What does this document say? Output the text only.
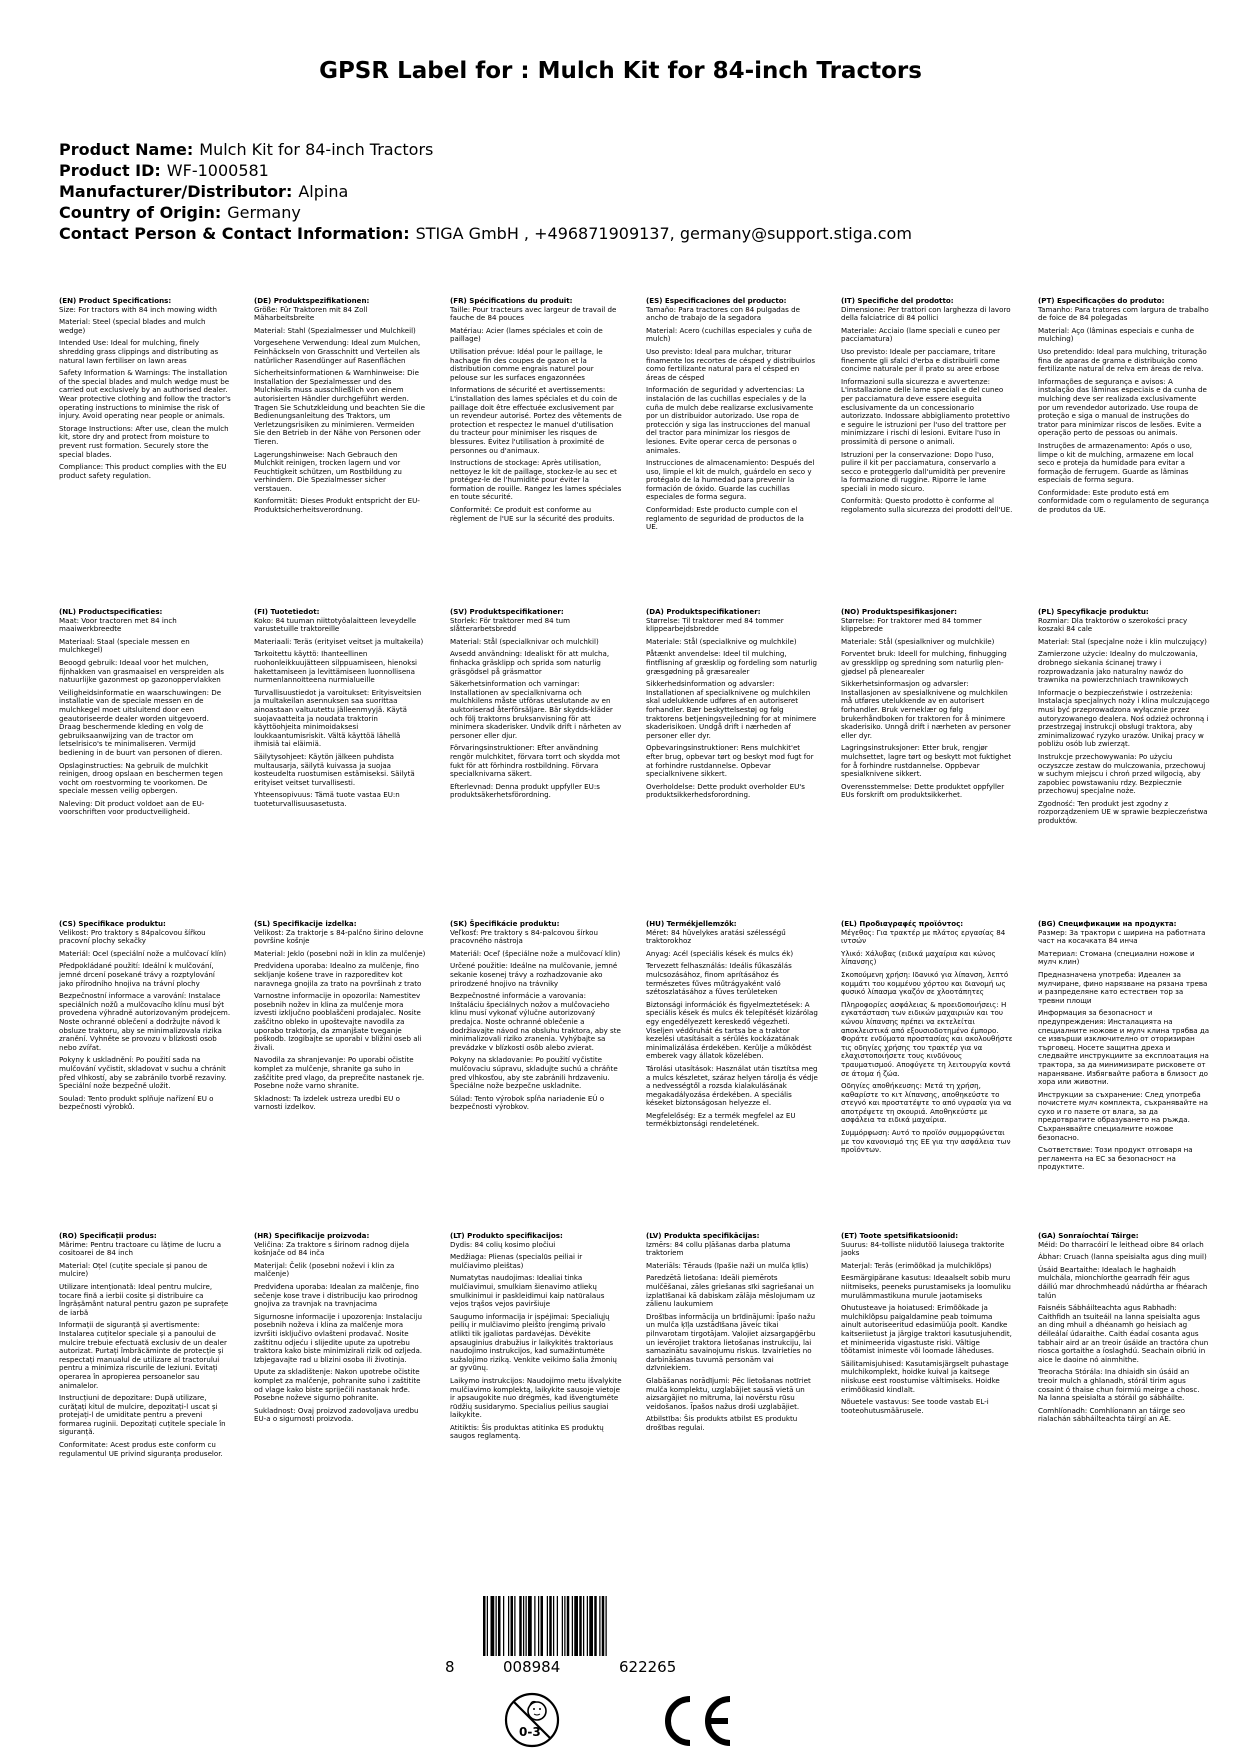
GPSR Label for : Mulch Kit for 84-inch Tractors
Product Name: Mulch Kit for 84-inch Tractors
Product ID: WF-1000581
Manufacturer/Distributor: Alpina
Country of Origin: Germany
Contact Person & Contact Information: STIGA GmbH , +496871909137, germany@support.stiga.com
(EN) Product Specifications:

Size: For tractors with 84 inch mowing width

Material: Steel (special blades and mulch wedge)

Intended Use: Ideal for mulching, finely shredding grass clippings and distributing as natural lawn fertiliser on lawn areas

Safety Information & Warnings: The installation of the special blades and mulch wedge must be carried out exclusively by an authorised dealer. Wear protective clothing and follow the tractor's operating instructions to minimise the risk of injury. Avoid operating near people or animals.

Storage Instructions: After use, clean the mulch kit, store dry and protect from moisture to prevent rust formation. Securely store the special blades.

Compliance: This product complies with the EU product safety regulation.

(DE) Produktspezifikationen:

Größe: Für Traktoren mit 84 Zoll Mäharbeitsbreite

Material: Stahl (Spezialmesser und Mulchkeil)

Vorgesehene Verwendung: Ideal zum Mulchen, Feinhäckseln von Grasschnitt und Verteilen als natürlicher Rasendünger auf Rasenflächen

Sicherheitsinformationen & Warnhinweise: Die Installation der Spezialmesser und des Mulchkeils muss ausschließlich von einem autorisierten Händler durchgeführt werden. Tragen Sie Schutzkleidung und beachten Sie die Bedienungsanleitung des Traktors, um Verletzungsrisiken zu minimieren. Vermeiden Sie den Betrieb in der Nähe von Personen oder Tieren.

Lagerungshinweise: Nach Gebrauch den Mulchkit reinigen, trocken lagern und vor Feuchtigkeit schützen, um Rostbildung zu verhindern. Die Spezialmesser sicher verstauen.

Konformität: Dieses Produkt entspricht der EU-Produktsicherheitsverordnung.

(FR) Spécifications du produit:

Taille: Pour tracteurs avec largeur de travail de fauche de 84 pouces

Matériau: Acier (lames spéciales et coin de paillage)

Utilisation prévue: Idéal pour le paillage, le hachage fin des coupes de gazon et la distribution comme engrais naturel pour pelouse sur les surfaces engazonnées

Informations de sécurité et avertissements: L'installation des lames spéciales et du coin de paillage doit être effectuée exclusivement par un revendeur autorisé. Portez des vêtements de protection et respectez le manuel d'utilisation du tracteur pour minimiser les risques de blessures. Évitez l'utilisation à proximité de personnes ou d'animaux.

Instructions de stockage: Après utilisation, nettoyez le kit de paillage, stockez-le au sec et protégez-le de l'humidité pour éviter la formation de rouille. Rangez les lames spéciales en toute sécurité.

Conformité: Ce produit est conforme au règlement de l'UE sur la sécurité des produits.

(ES) Especificaciones del producto:

Tamaño: Para tractores con 84 pulgadas de ancho de trabajo de la segadora

Material: Acero (cuchillas especiales y cuña de mulch)

Uso previsto: Ideal para mulchar, triturar finamente los recortes de césped y distribuirlos como fertilizante natural para el césped en áreas de césped

Información de seguridad y advertencias: La instalación de las cuchillas especiales y de la cuña de mulch debe realizarse exclusivamente por un distribuidor autorizado. Use ropa de protección y siga las instrucciones del manual del tractor para minimizar los riesgos de lesiones. Evite operar cerca de personas o animales.

Instrucciones de almacenamiento: Después del uso, limpie el kit de mulch, guárdelo en seco y protégalo de la humedad para prevenir la formación de óxido. Guarde las cuchillas especiales de forma segura.

Conformidad: Este producto cumple con el reglamento de seguridad de productos de la UE.

(IT) Specifiche del prodotto:

Dimensione: Per trattori con larghezza di lavoro della falciatrice di 84 pollici

Materiale: Acciaio (lame speciali e cuneo per pacciamatura)

Uso previsto: Ideale per pacciamare, tritare finemente gli sfalci d'erba e distribuirli come concime naturale per il prato su aree erbose

Informazioni sulla sicurezza e avvertenze: L'installazione delle lame speciali e del cuneo per pacciamatura deve essere eseguita esclusivamente da un concessionario autorizzato. Indossare abbigliamento protettivo e seguire le istruzioni per l'uso del trattore per minimizzare i rischi di lesioni. Evitare l'uso in prossimità di persone o animali.

Istruzioni per la conservazione: Dopo l'uso, pulire il kit per pacciamatura, conservarlo a secco e proteggerlo dall'umidità per prevenire la formazione di ruggine. Riporre le lame speciali in modo sicuro.

Conformità: Questo prodotto è conforme al regolamento sulla sicurezza dei prodotti dell'UE.

(PT) Especificações do produto:

Tamanho: Para tratores com largura de trabalho de foice de 84 polegadas

Material: Aço (lâminas especiais e cunha de mulching)

Uso pretendido: Ideal para mulching, trituração fina de aparas de grama e distribuição como fertilizante natural de relva em áreas de relva.

Informações de segurança e avisos: A instalação das lâminas especiais e da cunha de mulching deve ser realizada exclusivamente por um revendedor autorizado. Use roupa de proteção e siga o manual de instruções do trator para minimizar riscos de lesões. Evite a operação perto de pessoas ou animais.

Instruções de armazenamento: Após o uso, limpe o kit de mulching, armazene em local seco e proteja da humidade para evitar a formação de ferrugem. Guarde as lâminas especiais de forma segura.

Conformidade: Este produto está em conformidade com o regulamento de segurança de produtos da UE.

(NL) Productspecificaties:

Maat: Voor tractoren met 84 inch maaiwerkbreedte

Materiaal: Staal (speciale messen en mulchkegel)

Beoogd gebruik: Ideaal voor het mulchen, fijnhakken van grasmaaisel en verspreiden als natuurlijke gazonmest op gazonoppervlakken

Veiligheidsinformatie en waarschuwingen: De installatie van de speciale messen en de mulchkegel moet uitsluitend door een geautoriseerde dealer worden uitgevoerd. Draag beschermende kleding en volg de gebruiksaanwijzing van de tractor om letselrisico's te minimaliseren. Vermijd bediening in de buurt van personen of dieren.

Opslaginstructies: Na gebruik de mulchkit reinigen, droog opslaan en beschermen tegen vocht om roestvorming te voorkomen. De speciale messen veilig opbergen.

Naleving: Dit product voldoet aan de EU-voorschriften voor productveiligheid.

(FI) Tuotetiedot:

Koko: 84 tuuman niittotyöalaitteen leveydelle varustetuille traktoreille

Materiaali: Teräs (erityiset veitset ja multakeila)

Tarkoitettu käyttö: Ihanteellinen ruohonleikkuujätteen silppuamiseen, hienoksi hakettamiseen ja levittämiseen luonnollisena nurmenlannoitteena nurmialueille

Turvallisuustiedot ja varoitukset: Erityisveitsien ja multakeilan asennuksen saa suorittaa ainoastaan valtuutettu jälleenmyyjä. Käytä suojavaatteita ja noudata traktorin käyttöohjeita minimoidaksesi loukkaantumisriskit. Vältä käyttöä lähellä ihmisiä tai eläimiä.

Säilytysohjeet: Käytön jälkeen puhdista multausarja, säilytä kuivassa ja suojaa kosteudelta ruostumisen estämiseksi. Säilytä erityiset veitset turvallisesti.

Yhteensopivuus: Tämä tuote vastaa EU:n tuoteturvallisuusasetusta.

(SV) Produktspecifikationer:

Storlek: För traktorer med 84 tum slåtterarbetsbredd

Material: Stål (specialknivar och mulchkil)

Avsedd användning: Idealiskt för att mulcha, finhacka gräsklipp och sprida som naturlig gräsgödsel på gräsmattor

Säkerhetsinformation och varningar: Installationen av specialknivarna och mulchkilens måste utföras uteslutande av en auktoriserad återförsäljare. Bär skydds-kläder och följ traktorns bruksanvisning för att minimera skaderisker. Undvik drift i närheten av personer eller djur.

Förvaringsinstruktioner: Efter användning rengör mulchkitet, förvara torrt och skydda mot fukt för att förhindra rostbildning. Förvara specialknivarna säkert.

Efterlevnad: Denna produkt uppfyller EU:s produktsäkerhetsförordning.

(DA) Produktspecifikationer:

Størrelse: Til traktorer med 84 tommer klippearbejdsbredde

Materiale: Stål (specialknive og mulchkile)

Påtænkt anvendelse: Ideel til mulching, fintflisning af græsklip og fordeling som naturlig græsgødning på græsarealer

Sikkerhedsinformation og advarsler: Installationen af specialknivene og mulchkilen skal udelukkende udføres af en autoriseret forhandler. Bær beskyttelsestøj og følg traktorens betjeningsvejledning for at minimere skaderisikoen. Undgå drift i nærheden af personer eller dyr.

Opbevaringsinstruktioner: Rens mulchkit'et efter brug, opbevar tørt og beskyt mod fugt for at forhindre rustdannelse. Opbevar specialknivene sikkert.

Overholdelse: Dette produkt overholder EU's produktsikkerhedsforordning.

(NO) Produktspesifikasjoner:

Størrelse: For traktorer med 84 tommer klippebrede

Materiale: Stål (spesialkniver og mulchkile)

Forventet bruk: Ideell for mulching, finhugging av gressklipp og spredning som naturlig plen-gjødsel på plenearealer

Sikkerhetsinformasjon og advarsler: Installasjonen av spesialknivene og mulchkilen må utføres utelukkende av en autorisert forhandler. Bruk verneklær og følg brukerhåndboken for traktoren for å minimere skaderisiko. Unngå drift i nærheten av personer eller dyr.

Lagringsinstruksjoner: Etter bruk, rengjør mulchsettet, lagre tørt og beskytt mot fuktighet for å forhindre rustdannelse. Oppbevar spesialknivene sikkert.

Overensstemmelse: Dette produktet oppfyller EUs forskrift om produktsikkerhet.

(PL) Specyfikacje produktu:

Rozmiar: Dla traktorów o szerokości pracy koszaki 84 cale

Materiał: Stal (specjalne noże i klin mulczujący)

Zamierzone użycie: Idealny do mulczowania, drobnego siekania ścinanej trawy i rozprowadzania jako naturalny nawóz do trawnika na powierzchniach trawnikowych

Informacje o bezpieczeństwie i ostrzeżenia: Instalacja specjalnych noży i klina mulczującego musi być przeprowadzona wyłącznie przez autoryzowanego dealera. Noś odzież ochronną i przestrzegaj instrukcji obsługi traktora, aby zminimalizować ryzyko urazów. Unikaj pracy w pobliżu osób lub zwierząt.

Instrukcje przechowywania: Po użyciu oczyszcze zestaw do mulczowania, przechowuj w suchym miejscu i chroń przed wilgocią, aby zapobiec powstawaniu rdzy. Bezpiecznie przechowuj specjalne noże.

Zgodność: Ten produkt jest zgodny z rozporządzeniem UE w sprawie bezpieczeństwa produktów.

(CS) Specifikace produktu:

Velikost: Pro traktory s 84palcovou šířkou pracovní plochy sekačky

Materiál: Ocel (speciální nože a mulčovací klín)

Předpokládané použití: Ideální k mulčování, jemné drcení posekané trávy a rozptylování jako přírodního hnojiva na trávní plochy

Bezpečnostní informace a varování: Instalace speciálních nožů a mulčovacího klínu musí být provedena výhradně autorizovaným prodejcem. Noste ochranné oblečení a dodržujte návod k obsluze traktoru, aby se minimalizovala rizika zranění. Vyhněte se provozu v blízkosti osob nebo zvířat.

Pokyny k uskladnění: Po použití sada na mulčování vyčistit, skladovat v suchu a chránit před vlhkostí, aby se zabránilo tvorbě rezaviny. Speciální nože bezpečně uložit.

Soulad: Tento produkt splňuje nařízení EU o bezpečnosti výrobků.

(SL) Specifikacije izdelka:

Velikost: Za traktorje s 84-palčno širino delovne površine košnje

Material: Jeklo (posebni noži in klin za mulčenje)

Predvidena uporaba: Idealno za mulčenje, fino sekljanje košene trave in razporeditev kot naravnega gnojila za trato na površinah z trato

Varnostne informacije in opozorila: Namestitev posebnih nožev in klina za mulčenje mora izvesti izključno pooblaščeni prodajalec. Nosite zaščitno obleko in upoštevajte navodila za uporabo traktorja, da zmanjšate tveganje poškodb. Izogibajte se uporabi v bližini oseb ali živali.

Navodila za shranjevanje: Po uporabi očistite komplet za mulčenje, shranite ga suho in zaščitite pred vlago, da preprečite nastanek rje. Posebne nože varno shranite.

Skladnost: Ta izdelek ustreza uredbi EU o varnosti izdelkov.

(SK) Špecifikácie produktu:

Veľkosť: Pre traktory s 84-palcovou šírkou pracovného nástroja

Materiál: Oceľ (špeciálne nože a mulčovací klin)

Určené použitie: Ideálne na mulčovanie, jemné sekanie kosenej trávy a rozhadzovanie ako prirodzené hnojivo na trávniky

Bezpečnostné informácie a varovania: Inštaláciu špeciálnych nožov a mulčovacieho klinu musí vykonať výlučne autorizovaný predajca. Noste ochranné oblečenie a dodržiavajte návod na obsluhu traktora, aby ste minimalizovali riziko zranenia. Vyhýbajte sa prevádzke v blízkosti osôb alebo zvierat.

Pokyny na skladovanie: Po použití vyčistite mulčovaciu súpravu, skladujte suchú a chráňte pred vlhkosťou, aby ste zabránili hrdzaveniu. Špeciálne nože bezpečne uskladnite.

Súlad: Tento výrobok spĺňa nariadenie EÚ o bezpečnosti výrobkov.

(HU) Termékjellemzők:

Méret: 84 hüvelykes aratási szélességű traktorokhoz

Anyag: Acél (speciális kések és mulcs ék)

Tervezett felhasználás: Ideális fűkaszálás mulcsozásához, finom aprításához és természetes fűves műtrágyaként való szétoszlatásához a füves területeken

Biztonsági információk és figyelmeztetések: A speciális kések és mulcs ék telepítését kizárólag egy engedélyezett kereskedő végezheti. Viseljen védőruhát és tartsa be a traktor kezelési utasításait a sérülés kockázatának minimalizálása érdekében. Kerülje a működést emberek vagy állatok közelében.

Tárolási utasítások: Használat után tisztítsa meg a mulcs készletet, száraz helyen tárolja és védje a nedvességtől a rozsda kialakulásának megakadályozása érdekében. A speciális késeket biztonságosan helyezze el.

Megfelelőség: Ez a termék megfelel az EU termékbiztonsági rendeletének.

(EL) Προδιαγραφές προϊόντος:

Μέγεθος: Για τρακτέρ με πλάτος εργασίας 84 ιντσών

Υλικό: Χάλυβας (ειδικά μαχαίρια και κώνος λίπανσης)

Σκοπούμενη χρήση: Ιδανικό για λίπανση, λεπτό κομμάτι του κομμένου χόρτου και διανομή ως φυσικό λίπασμα γκαζόν σε χλοοτάπητες

Πληροφορίες ασφάλειας & προειδοποιήσεις: Η εγκατάσταση των ειδικών μαχαιριών και του κώνου λίπανσης πρέπει να εκτελείται αποκλειστικά από εξουσιοδοτημένο έμπορο. Φοράτε ενδύματα προστασίας και ακολουθήστε τις οδηγίες χρήσης του τρακτέρ για να ελαχιστοποιήσετε τους κινδύνους τραυματισμού. Αποφύγετε τη λειτουργία κοντά σε άτομα ή ζώα.

Οδηγίες αποθήκευσης: Μετά τη χρήση, καθαρίστε το κιτ λίπανσης, αποθηκεύστε το στεγνό και προστατέψτε το από υγρασία για να αποτρέψετε τη σκουριά. Αποθηκεύστε με ασφάλεια τα ειδικά μαχαίρια.

Συμμόρφωση: Αυτό το προϊόν συμμορφώνεται με τον κανονισμό της ΕΕ για την ασφάλεια των προϊόντων.

(BG) Спецификации на продукта:

Размер: За трактори с ширина на работната част на косачката 84 инча

Материал: Стомана (специални ножове и мулч клин)

Предназначена употреба: Идеален за мулчиране, фино нарязване на рязана трева и разпределяне като естествен тор за тревни площи

Информация за безопасност и предупреждения: Инсталацията на специалните ножове и мулч клина трябва да се извърши изключително от оторизиран търговец. Носете защитна дреха и следвайте инструкциите за експлоатация на трактора, за да минимизирате рисковете от нараняване. Избягвайте работа в близост до хора или животни.

Инструкции за съхранение: След употреба почистете мулч комплекта, съхранявайте на сухо и го пазете от влага, за да предотвратите образуването на ръжда. Съхранявайте специалните ножове безопасно.

Съответствие: Този продукт отговаря на регламента на ЕС за безопасност на продуктите.

(RO) Specificații produs:

Mărime: Pentru tractoare cu lățime de lucru a cositoarei de 84 inch

Material: Oțel (cuțite speciale și panou de mulcire)

Utilizare intenționată: Ideal pentru mulcire, tocare fină a ierbii cosite și distribuire ca îngrășământ natural pentru gazon pe suprafețe de iarbă

Informații de siguranță și avertismente: Instalarea cuțitelor speciale și a panoului de mulcire trebuie efectuată exclusiv de un dealer autorizat. Purtați îmbrăcăminte de protecție și respectați manualul de utilizare al tractorului pentru a minimiza riscurile de leziuni. Evitați operarea în apropierea persoanelor sau animalelor.

Instrucțiuni de depozitare: După utilizare, curățați kitul de mulcire, depozitați-l uscat și protejați-l de umiditate pentru a preveni formarea ruginii. Depozitați cuțitele speciale în siguranță.

Conformitate: Acest produs este conform cu regulamentul UE privind siguranța produselor.

(HR) Specifikacije proizvoda:

Veličina: Za traktore s širinom radnog dijela košnjače od 84 inča

Materijal: Čelik (posebni noževi i klin za malčenje)

Predviđena uporaba: Idealan za malčenje, fino sečenje kose trave i distribuciju kao prirodnog gnojiva za travnjak na travnjacima

Sigurnosne informacije i upozorenja: Instalaciju posebnih noževa i klina za malčenje mora izvršiti isključivo ovlašteni prodavač. Nosite zaštitnu odjeću i slijedite upute za upotrebu traktora kako biste minimizirali rizik od ozljeda. Izbjegavajte rad u blizini osoba ili životinja.

Upute za skladištenje: Nakon upotrebe očistite komplet za malčenje, pohranite suho i zaštitite od vlage kako biste spriječili nastanak hrđe. Posebne noževe sigurno pohranite.

Sukladnost: Ovaj proizvod zadovoljava uredbu EU-a o sigurnosti proizvoda.

(LT) Produkto specifikacijos:

Dydis: 84 colių kosimo pločiui

Medžiaga: Plienas (specialūs peiliai ir mulčiavimo pleištas)

Numatytas naudojimas: Idealiai tinka mulčiavimui, smulkiam šienavimo atliekų smulkinimui ir paskleidimui kaip natūralaus vejos trąšos vejos paviršiuje

Saugumo informacija ir įspėjimai: Specialiųjų peilių ir mulčiavimo pleišto įrengimą privalo atlikti tik įgaliotas pardavėjas. Dėvėkite apsauginius drabužius ir laikykitės traktoriaus naudojimo instrukcijos, kad sumažintumėte sužalojimo riziką. Venkite veikimo šalia žmonių ar gyvūnų.

Laikymo instrukcijos: Naudojimo metu išvalykite mulčiavimo komplektą, laikykite sausoje vietoje ir apsaugokite nuo drėgmės, kad išvengtumėte rūdžių susidarymo. Specialius peilius saugiai laikykite.

Atitiktis: Šis produktas atitinka ES produktų saugos reglamentą.

(LV) Produkta specifikācijas:

Izmērs: 84 collu pļāšanas darba platuma traktoriem

Materiāls: Tērauds (īpašie naži un mulča ķīlis)

Paredzētā lietošana: Ideāli piemērots mulčēšanai, zāles griešanas sīki sagriešanai un izplatīšanai kā dabiskam zālāja mēslojumam uz zālienu laukumiem

Drošības informācija un brīdinājumi: Īpašo nažu un mulča ķīļa uzstādīšana jāveic tikai pilnvarotam tirgotājam. Valojiet aizsargapģērbu un ievērojiet traktora lietošanas instrukciju, lai samazinātu savainojumu riskus. Izvairieties no darbināšanas tuvumā personām vai dzīvniekiem.

Glabāšanas norādījumi: Pēc lietošanas notīriet mulča komplektu, uzglabājiet sausā vietā un aizsargājiet no mitruma, lai novērstu rūsu veidošanos. Īpašos nažus droši uzglabājiet.

Atbilstība: Šis produkts atbilst ES produktu drošības regulai.

(ET) Toote spetsifikatsioonid:

Suurus: 84-tolliste niidutöö laiusega traktorite jaoks

Materjal: Teräs (erimõõkad ja mulchiklõps)

Eesmärgipärane kasutus: Ideaalselt sobib muru niitmiseks, peeneks purustamiseks ja loomuliku murulämmastikuna murule jaotamiseks

Ohutusteave ja hoiatused: Erimõõkade ja mulchiklõpsu paigaldamine peab toimuma ainult autoriseeritud edasimüüja poolt. Kandke kaitseriietust ja järgige traktori kasutusjuhendit, et minimeerida vigastuste riski. Vältige töötamist inimeste või loomade läheduses.

Säilitamisjuhised: Kasutamisjärgselt puhastage mulchikomplekt, hoidke kuival ja kaitsege niiskuse eest roostumise vältimiseks. Hoidke erimõõkasid kindlalt.

Nõuetele vastavus: See toode vastab EL-i tooteohutusmäärusele.

(GA) Sonraíochtaí Táirge:

Méid: Do tharracóirí le leithead oibre 84 orlach

Ábhar: Cruach (lanna speisialta agus ding muil)

Úsáid Beartaithe: Idealach le haghaidh mulchála, mionchíorthe gearradh féir agus dáiliú mar dhrochmheadú nádúrtha ar fhéarach talún

Faisnéis Sábháilteachta agus Rabhadh: Caithfidh an tsuiteáil na lanna speisialta agus an ding mhuil a dhéanamh go heisiach ag déileálaí údaraithe. Caith éadaí cosanta agus tabhair aird ar an treoir úsáide an tractóra chun riosca gortaithe a íoslaghdú. Seachain oibriú in aice le daoine nó ainmhithe.

Treoracha Stórála: Ina dhiaidh sin úsáid an treoir mulch a ghlanadh, stórál tirim agus cosaint ó thaise chun foirmiú meirge a chosc. Na lanna speisialta a stóráil go sábháilte.

Comhlíonadh: Comhlíonann an táirge seo rialachán sábháilteachta táirgí an AE.

8	008984	622265
0-3
